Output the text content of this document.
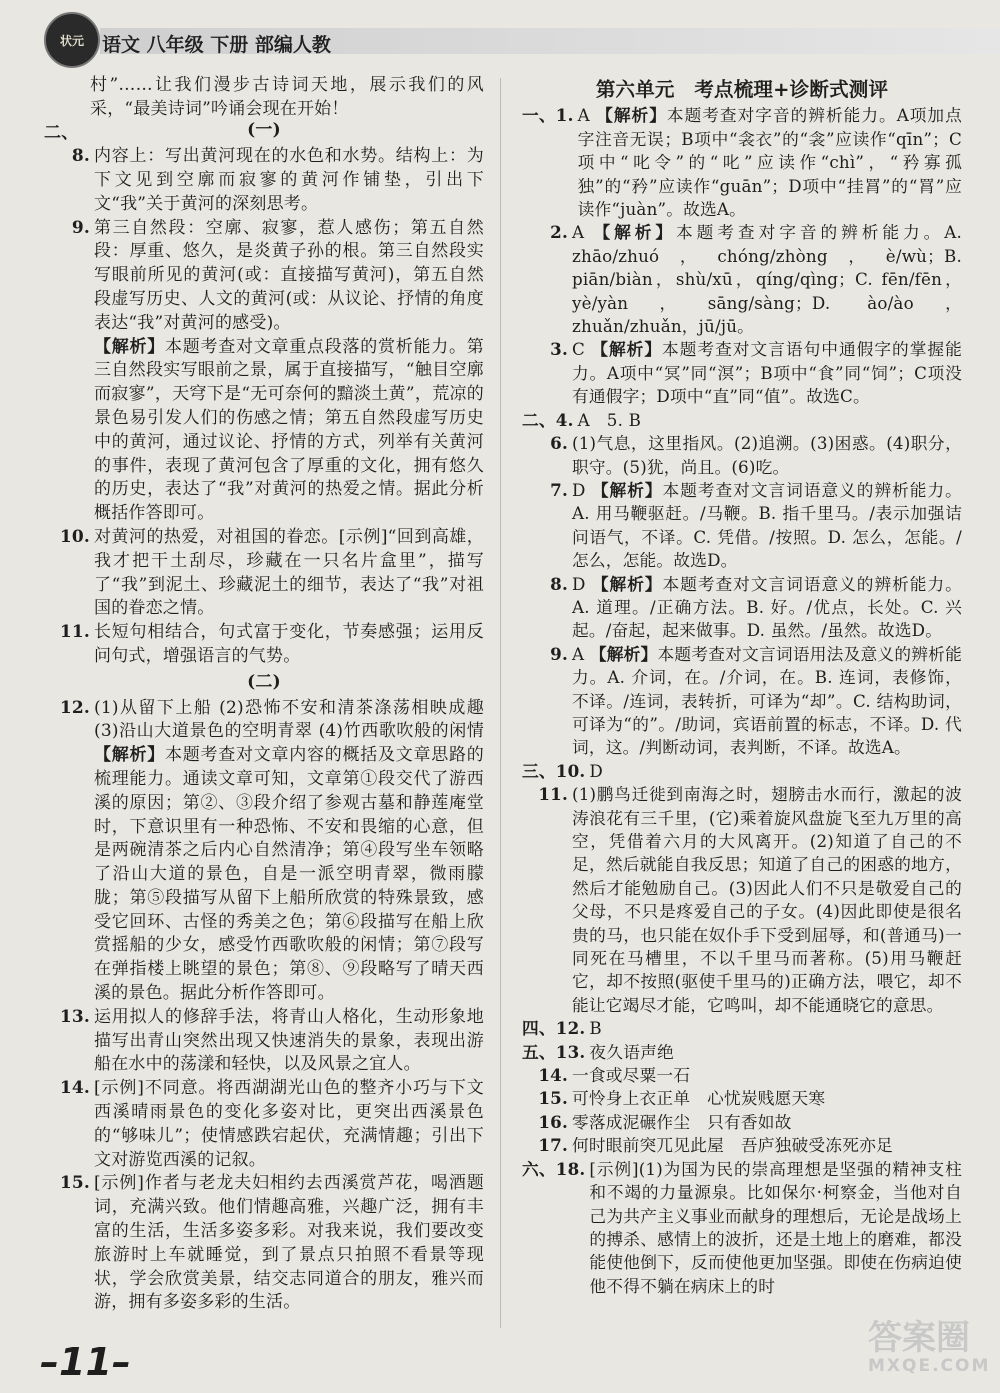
状元 语文 八年级 下册 部编人教
村”……让我们漫步古诗词天地，展示我们的风采，“最美诗词”吟诵会现在开始！
二、	(一)
8. 内容上：写出黄河现在的水色和水势。结构上：为下文见到空廓而寂寥的黄河作铺垫，引出下文“我”关于黄河的深刻思考。

9. 第三自然段：空廓、寂寥，惹人感伤；第五自然段：厚重、悠久，是炎黄子孙的根。第三自然段实写眼前所见的黄河(或：直接描写黄河)，第五自然段虚写历史、人文的黄河(或：从议论、抒情的角度表达“我”对黄河的感受)。

【解析】本题考查对文章重点段落的赏析能力。第三自然段实写眼前之景，属于直接描写，“触目空廓而寂寥”，天穹下是“无可奈何的黯淡土黄”，荒凉的景色易引发人们的伤感之情；第五自然段虚写历史中的黄河，通过议论、抒情的方式，列举有关黄河的事件，表现了黄河包含了厚重的文化，拥有悠久的历史，表达了“我”对黄河的热爱之情。据此分析概括作答即可。

10. 对黄河的热爱，对祖国的眷恋。[示例]“回到高雄，我才把干土刮尽，珍藏在一只名片盒里”，描写了“我”到泥土、珍藏泥土的细节，表达了“我”对祖国的眷恋之情。

11. 长短句相结合，句式富于变化，节奏感强；运用反问句式，增强语言的气势。

(二)
12. (1)从留下上船 (2)恐怖不安和清茶涤荡相映成趣 (3)沿山大道景色的空明青翠 (4)竹西歌吹般的闲情 【解析】本题考查对文章内容的概括及文章思路的梳理能力。通读文章可知，文章第①段交代了游西溪的原因；第②、③段介绍了参观古墓和静莲庵堂时，下意识里有一种恐怖、不安和畏缩的心意，但是两碗清茶之后内心自然清净；第④段写坐车领略了沿山大道的景色，自是一派空明青翠，微雨朦胧；第⑤段描写从留下上船所欣赏的特殊景致，感受它回环、古怪的秀美之色；第⑥段描写在船上欣赏摇船的少女，感受竹西歌吹般的闲情；第⑦段写在弹指楼上眺望的景色；第⑧、⑨段略写了晴天西溪的景色。据此分析作答即可。

13. 运用拟人的修辞手法，将青山人格化，生动形象地描写出青山突然出现又快速消失的景象，表现出游船在水中的荡漾和轻快，以及风景之宜人。

14. [示例]不同意。将西湖湖光山色的整齐小巧与下文西溪晴雨景色的变化多姿对比，更突出西溪景色的“够味儿”；使情感跌宕起伏，充满情趣；引出下文对游览西溪的记叙。

15. [示例]作者与老龙夫妇相约去西溪赏芦花，喝酒题词，充满兴致。他们情趣高雅，兴趣广泛，拥有丰富的生活，生活多姿多彩。对我来说，我们要改变旅游时上车就睡觉，到了景点只拍照不看景等现状，学会欣赏美景，结交志同道合的朋友，雅兴而游，拥有多姿多彩的生活。

第六单元　考点梳理+诊断式测评
一、1. A 【解析】本题考查对字音的辨析能力。A项加点字注音无误；B项中“衾衣”的“衾”应读作“qīn”；C项中“叱令”的“叱”应读作“chì”，“矜寡孤独”的“矜”应读作“guān”；D项中“挂罥”的“罥”应读作“juàn”。故选A。

2. A 【解析】本题考查对字音的辨析能力。A. zhāo/zhuó，chóng/zhòng，è/wù；B. piān/biàn，shù/xū，qíng/qìng；C. fēn/fēn，yè/yàn，sāng/sàng；D. ào/ào，zhuǎn/zhuǎn，jū/jū。

3. C 【解析】本题考查对文言语句中通假字的掌握能力。A项中“冥”同“溟”；B项中“食”同“饲”；C项没有通假字；D项中“直”同“值”。故选C。

二、4. A　5. B

6. (1)气息，这里指风。(2)追溯。(3)困惑。(4)职分，职守。(5)犹，尚且。(6)吃。

7. D 【解析】本题考查对文言词语意义的辨析能力。A. 用马鞭驱赶。/马鞭。B. 指千里马。/表示加强诘问语气，不译。C. 凭借。/按照。D. 怎么，怎能。/怎么，怎能。故选D。

8. D 【解析】本题考查对文言词语意义的辨析能力。A. 道理。/正确方法。B. 好。/优点，长处。C. 兴起。/奋起，起来做事。D. 虽然。/虽然。故选D。

9. A 【解析】本题考查对文言词语用法及意义的辨析能力。A. 介词，在。/介词，在。B. 连词，表修饰，不译。/连词，表转折，可译为“却”。C. 结构助词，可译为“的”。/助词，宾语前置的标志，不译。D. 代词，这。/判断动词，表判断，不译。故选A。

三、10. D

11. (1)鹏鸟迁徙到南海之时，翅膀击水而行，激起的波涛浪花有三千里，(它)乘着旋风盘旋飞至九万里的高空，凭借着六月的大风离开。(2)知道了自己的不足，然后就能自我反思；知道了自己的困惑的地方，然后才能勉励自己。(3)因此人们不只是敬爱自己的父母，不只是疼爱自己的子女。(4)因此即使是很名贵的马，也只能在奴仆手下受到屈辱，和(普通马)一同死在马槽里，不以千里马而著称。(5)用马鞭赶它，却不按照(驱使千里马的)正确方法，喂它，却不能让它竭尽才能，它鸣叫，却不能通晓它的意思。

四、12. B

五、13. 夜久语声绝

14. 一食或尽粟一石

15. 可怜身上衣正单　心忧炭贱愿天寒

16. 零落成泥碾作尘　只有香如故

17. 何时眼前突兀见此屋　吾庐独破受冻死亦足

六、18. [示例](1)为国为民的崇高理想是坚强的精神支柱和不竭的力量源泉。比如保尔·柯察金，当他对自己为共产主义事业而献身的理想后，无论是战场上的搏杀、感情上的波折，还是土地上的磨难，都没能使他倒下，反而使他更加坚强。即使在伤病迫使他不得不躺在病床上的时

–11–
答案圈
MXQE.COM
